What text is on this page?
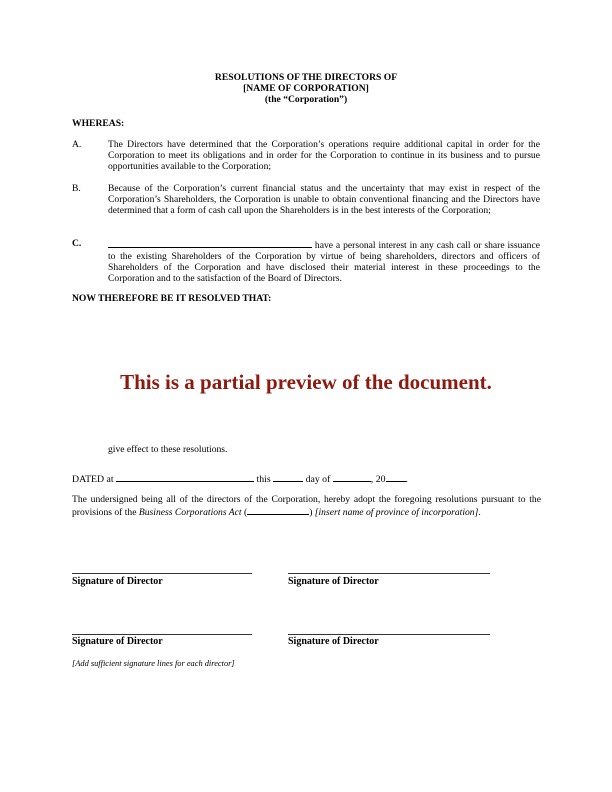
RESOLUTIONS OF THE DIRECTORS OF
[NAME OF CORPORATION]
(the “Corporation”)
WHEREAS:
A.	The Directors have determined that the Corporation’s operations require additional capital in order for the Corporation to meet its obligations and in order for the Corporation to continue in its business and to pursue opportunities available to the Corporation;
B.	Because of the Corporation’s current financial status and the uncertainty that may exist in respect of the Corporation’s Shareholders, the Corporation is unable to obtain conventional financing and the Directors have determined that a form of cash call upon the Shareholders is in the best interests of the Corporation;
C.	have a personal interest in any cash call or share issuance to the existing Shareholders of the Corporation by virtue of being shareholders, directors and officers of Shareholders of the Corporation and have disclosed their material interest in these proceedings to the Corporation and to the satisfaction of the Board of Directors.
NOW THEREFORE BE IT RESOLVED THAT:
This is a partial preview of the document.
give effect to these resolutions.
DATED at	this	day of	, 20 .
The undersigned being all of the directors of the Corporation, hereby adopt the foregoing resolutions pursuant to the provisions of the Business Corporations Act (	) [insert name of province of incorporation].
Signature of Director	Signature of Director
Signature of Director	Signature of Director
[Add sufficient signature lines for each director]
